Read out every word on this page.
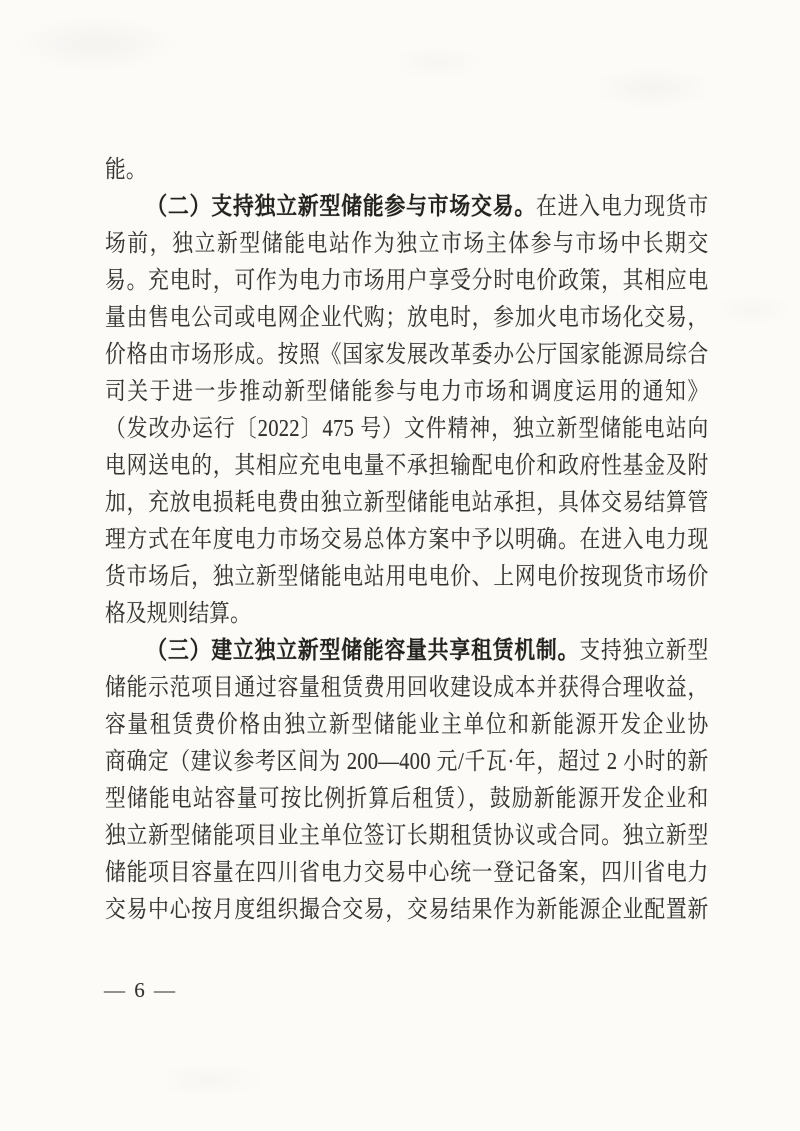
能。
（二）支持独立新型储能参与市场交易。在进入电力现货市
场前，独立新型储能电站作为独立市场主体参与市场中长期交
易。充电时，可作为电力市场用户享受分时电价政策，其相应电
量由售电公司或电网企业代购；放电时，参加火电市场化交易，
价格由市场形成。按照《国家发展改革委办公厅国家能源局综合
司关于进一步推动新型储能参与电力市场和调度运用的通知》
（发改办运行〔2022〕475 号）文件精神，独立新型储能电站向
电网送电的，其相应充电电量不承担输配电价和政府性基金及附
加，充放电损耗电费由独立新型储能电站承担，具体交易结算管
理方式在年度电力市场交易总体方案中予以明确。在进入电力现
货市场后，独立新型储能电站用电电价、上网电价按现货市场价
格及规则结算。
（三）建立独立新型储能容量共享租赁机制。支持独立新型
储能示范项目通过容量租赁费用回收建设成本并获得合理收益，
容量租赁费价格由独立新型储能业主单位和新能源开发企业协
商确定（建议参考区间为 200—400 元/千瓦·年，超过 2 小时的新
型储能电站容量可按比例折算后租赁），鼓励新能源开发企业和
独立新型储能项目业主单位签订长期租赁协议或合同。独立新型
储能项目容量在四川省电力交易中心统一登记备案，四川省电力
交易中心按月度组织撮合交易，交易结果作为新能源企业配置新
— 6 —
